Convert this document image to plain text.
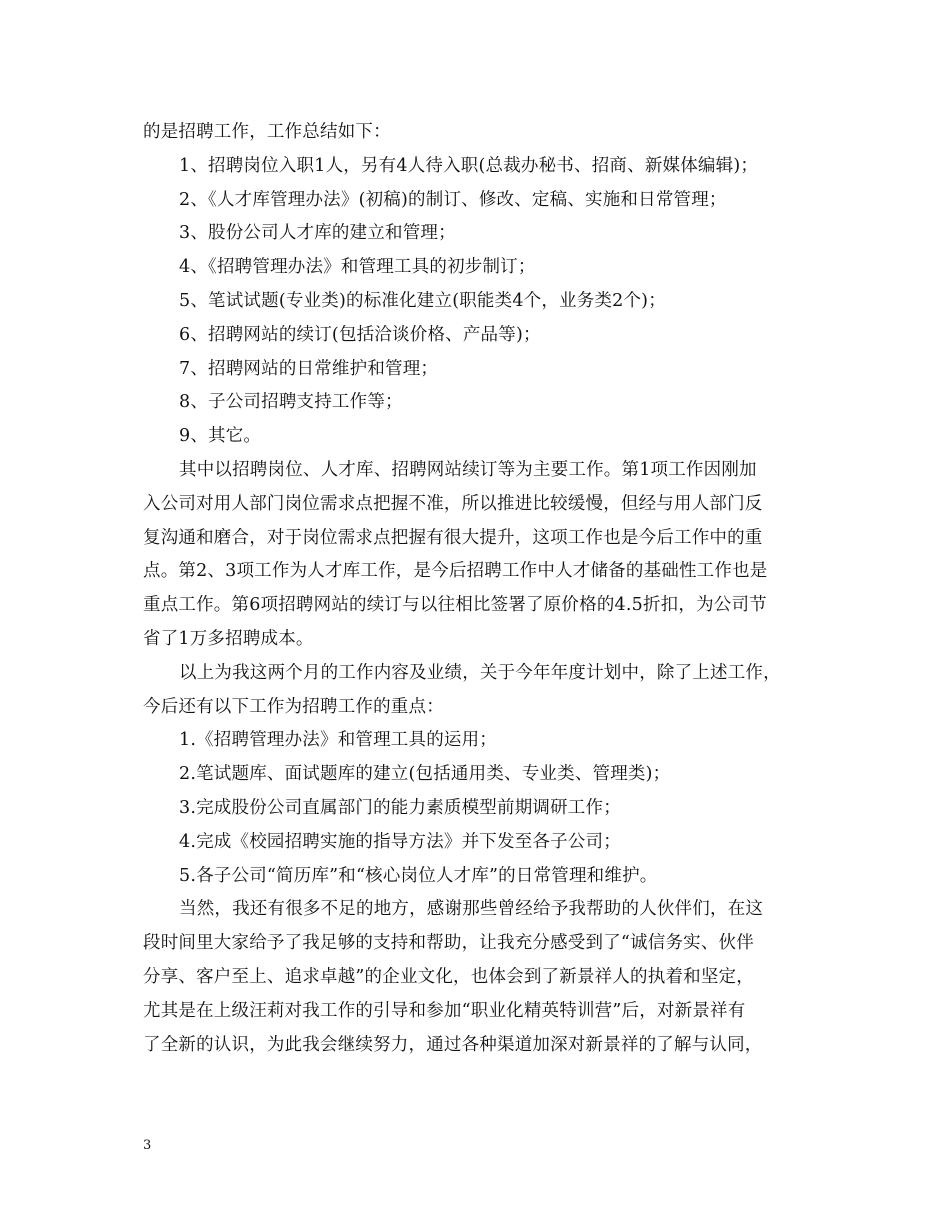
的是招聘工作，工作总结如下：
1、招聘岗位入职1人，另有4人待入职(总裁办秘书、招商、新媒体编辑)；
2、《人才库管理办法》(初稿)的制订、修改、定稿、实施和日常管理；
3、股份公司人才库的建立和管理；
4、《招聘管理办法》和管理工具的初步制订；
5、笔试试题(专业类)的标准化建立(职能类4个，业务类2个)；
6、招聘网站的续订(包括洽谈价格、产品等)；
7、招聘网站的日常维护和管理；
8、子公司招聘支持工作等；
9、其它。
其中以招聘岗位、人才库、招聘网站续订等为主要工作。第1项工作因刚加
入公司对用人部门岗位需求点把握不准，所以推进比较缓慢，但经与用人部门反
复沟通和磨合，对于岗位需求点把握有很大提升，这项工作也是今后工作中的重
点。第2、3项工作为人才库工作，是今后招聘工作中人才储备的基础性工作也是
重点工作。第6项招聘网站的续订与以往相比签署了原价格的4.5折扣，为公司节
省了1万多招聘成本。
以上为我这两个月的工作内容及业绩，关于今年年度计划中，除了上述工作，
今后还有以下工作为招聘工作的重点：
1.《招聘管理办法》和管理工具的运用；
2.笔试题库、面试题库的建立(包括通用类、专业类、管理类)；
3.完成股份公司直属部门的能力素质模型前期调研工作；
4.完成《校园招聘实施的指导方法》并下发至各子公司；
5.各子公司“简历库”和“核心岗位人才库”的日常管理和维护。
当然，我还有很多不足的地方，感谢那些曾经给予我帮助的人伙伴们，在这
段时间里大家给予了我足够的支持和帮助，让我充分感受到了“诚信务实、伙伴
分享、客户至上、追求卓越”的企业文化，也体会到了新景祥人的执着和坚定，
尤其是在上级汪莉对我工作的引导和参加“职业化精英特训营”后，对新景祥有
了全新的认识，为此我会继续努力，通过各种渠道加深对新景祥的了解与认同，
3
